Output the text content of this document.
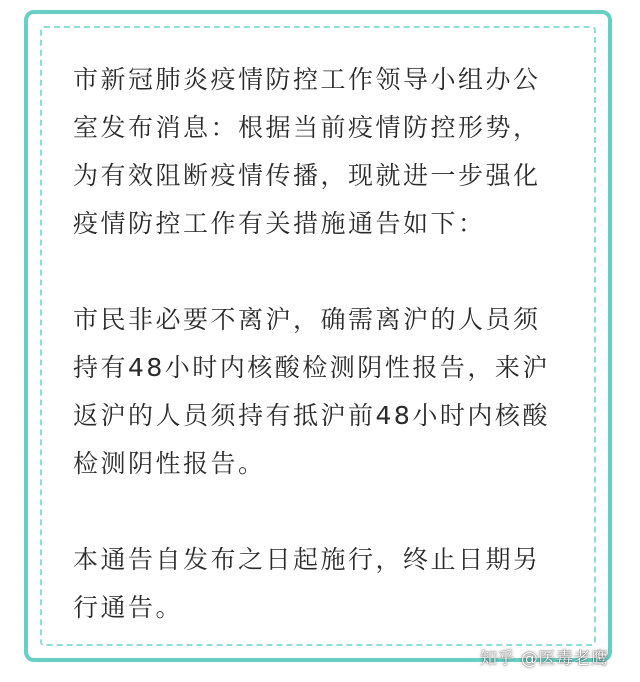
市新冠肺炎疫情防控工作领导小组办公
室发布消息：根据当前疫情防控形势，
为有效阻断疫情传播，现就进一步强化
疫情防控工作有关措施通告如下：

市民非必要不离沪，确需离沪的人员须
持有48小时内核酸检测阴性报告，来沪
返沪的人员须持有抵沪前48小时内核酸
检测阴性报告。

本通告自发布之日起施行，终止日期另
行通告。

知乎 @医毒老鹰
